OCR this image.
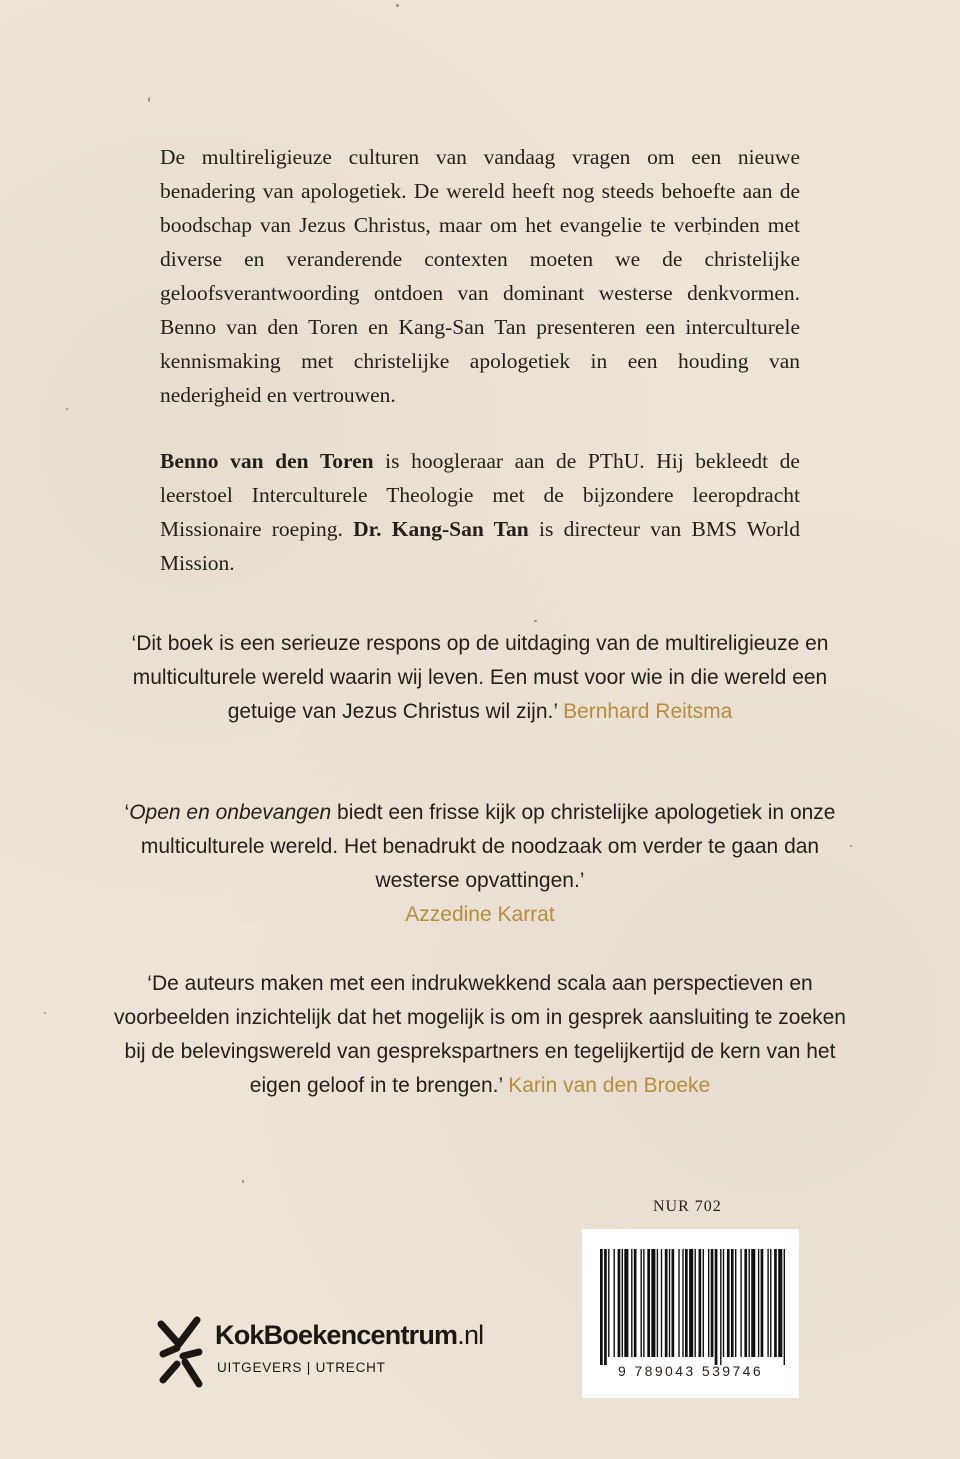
De multireligieuze culturen van vandaag vragen om een nieuwe benadering van apologetiek. De wereld heeft nog steeds behoefte aan de boodschap van Jezus Christus, maar om het evangelie te verbinden met diverse en veranderende contexten moeten we de christelijke geloofsverantwoording ontdoen van dominant westerse denkvormen. Benno van den Toren en Kang-San Tan presenteren een interculturele kennismaking met christelijke apologetiek in een houding van nederigheid en vertrouwen.

Benno van den Toren is hoogleraar aan de PThU. Hij bekleedt de leerstoel Interculturele Theologie met de bijzondere leeropdracht Missionaire roeping. Dr. Kang-San Tan is directeur van BMS World Mission.

‘Dit boek is een serieuze respons op de uitdaging van de multireligieuze en multiculturele wereld waarin wij leven. Een must voor wie in die wereld een getuige van Jezus Christus wil zijn.’ Bernhard Reitsma

‘Open en onbevangen biedt een frisse kijk op christelijke apologetiek in onze multiculturele wereld. Het benadrukt de noodzaak om verder te gaan dan westerse opvattingen.’
Azzedine Karrat

‘De auteurs maken met een indrukwekkend scala aan perspectieven en voorbeelden inzichtelijk dat het mogelijk is om in gesprek aansluiting te zoeken bij de belevingswereld van gesprekspartners en tegelijkertijd de kern van het eigen geloof in te brengen.’ Karin van den Broeke

NUR 702
9 789043 539746
KokBoekencentrum.nl
UITGEVERS | UTRECHT
